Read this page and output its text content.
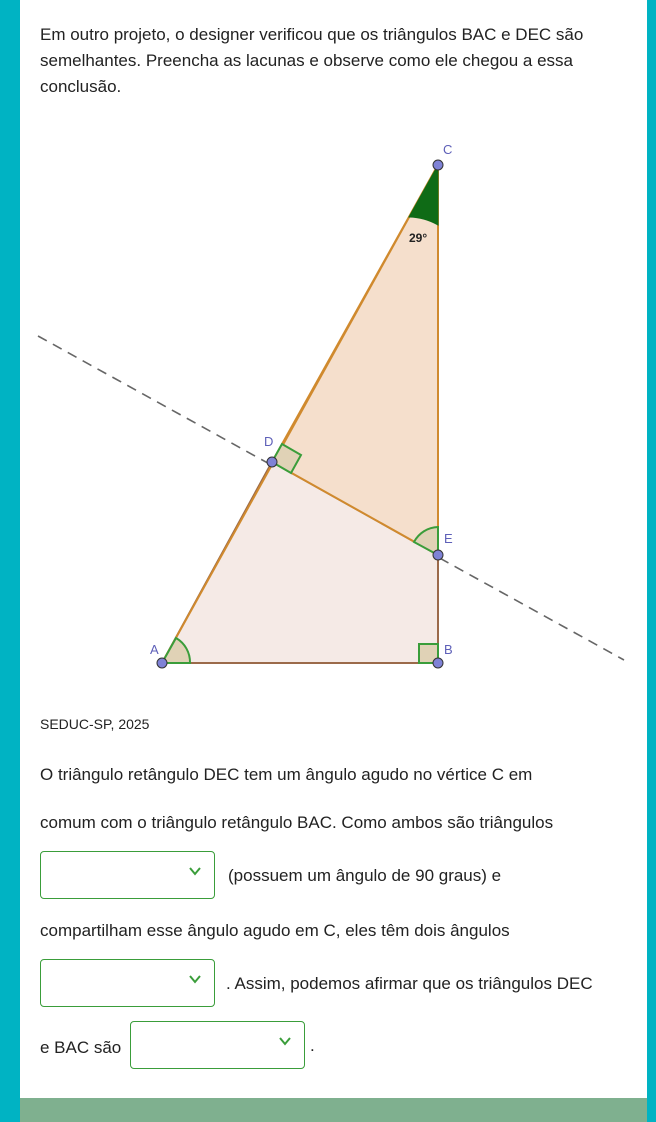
Em outro projeto, o designer verificou que os triângulos BAC e DEC são semelhantes. Preencha as lacunas e observe como ele chegou a essa conclusão.
C
D
E
B
A
29°
SEDUC-SP, 2025
O triângulo retângulo DEC tem um ângulo agudo no vértice C em
comum com o triângulo retângulo BAC. Como ambos são triângulos
(possuem um ângulo de 90 graus) e
compartilham esse ângulo agudo em C, eles têm dois ângulos
. Assim, podemos afirmar que os triângulos DEC
e BAC são	.
